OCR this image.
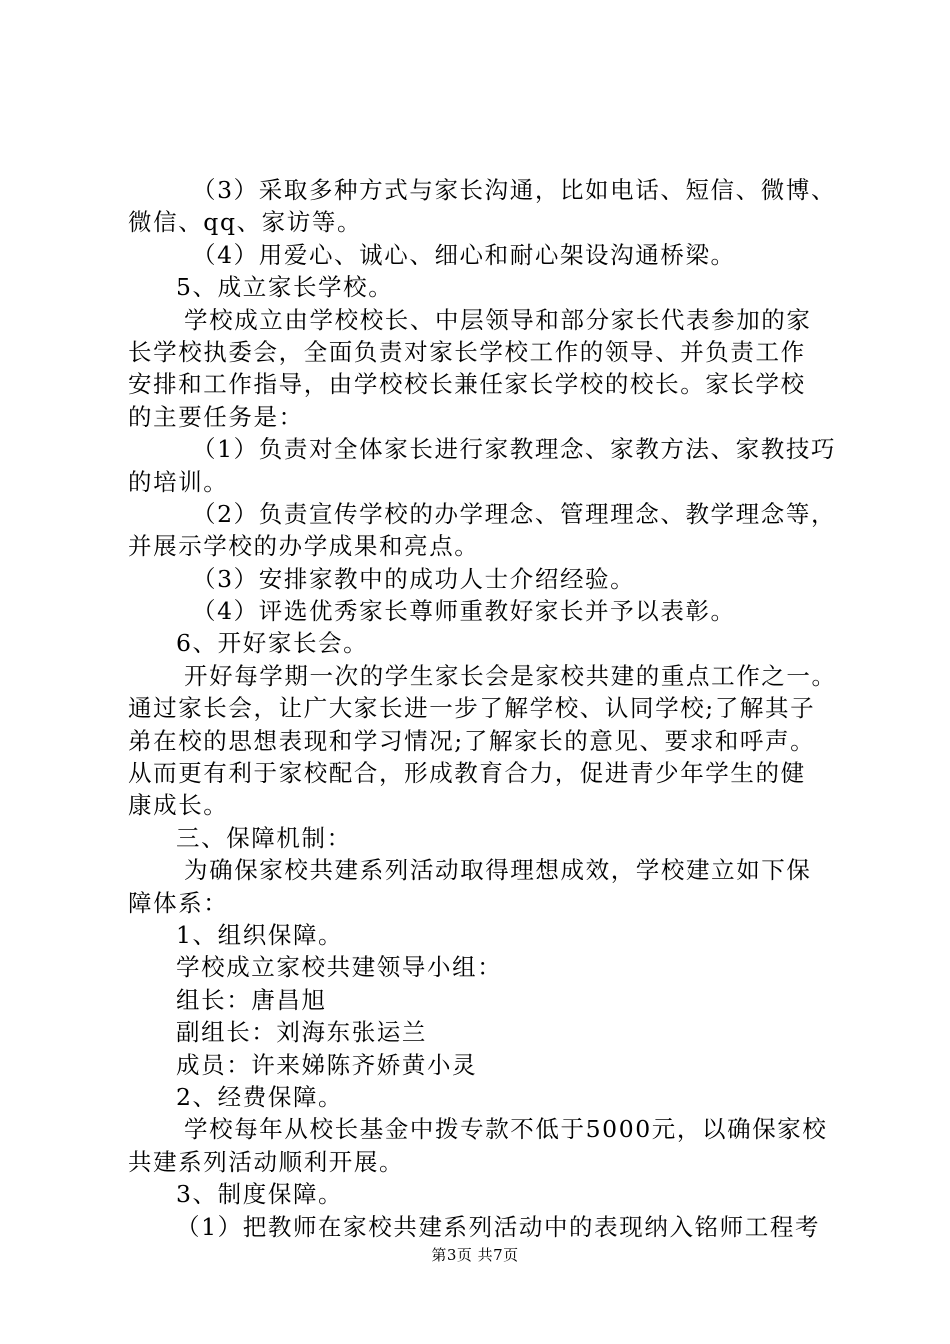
（3）采取多种方式与家长沟通，比如电话、短信、微博、
微信、qq、家访等。
（4）用爱心、诚心、细心和耐心架设沟通桥梁。
5、成立家长学校。
学校成立由学校校长、中层领导和部分家长代表参加的家
长学校执委会，全面负责对家长学校工作的领导、并负责工作
安排和工作指导，由学校校长兼任家长学校的校长。家长学校
的主要任务是：
（1）负责对全体家长进行家教理念、家教方法、家教技巧
的培训。
（2）负责宣传学校的办学理念、管理理念、教学理念等，
并展示学校的办学成果和亮点。
（3）安排家教中的成功人士介绍经验。
（4）评选优秀家长尊师重教好家长并予以表彰。
6、开好家长会。
开好每学期一次的学生家长会是家校共建的重点工作之一。
通过家长会，让广大家长进一步了解学校、认同学校;了解其子
弟在校的思想表现和学习情况;了解家长的意见、要求和呼声。
从而更有利于家校配合，形成教育合力，促进青少年学生的健
康成长。
三、保障机制：
为确保家校共建系列活动取得理想成效，学校建立如下保
障体系：
1、组织保障。
学校成立家校共建领导小组：
组长：唐昌旭
副组长：刘海东张运兰
成员：许来娣陈齐娇黄小灵
2、经费保障。
学校每年从校长基金中拨专款不低于5000元，以确保家校
共建系列活动顺利开展。
3、制度保障。
（1）把教师在家校共建系列活动中的表现纳入铭师工程考
第3页 共7页
